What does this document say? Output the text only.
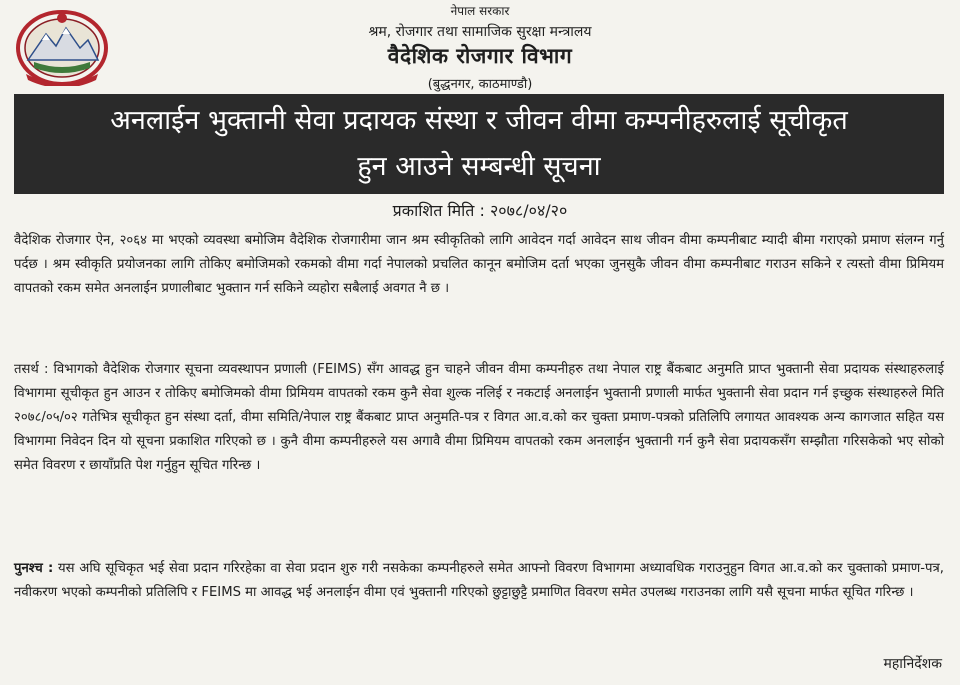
नेपाल सरकार
श्रम, रोजगार तथा सामाजिक सुरक्षा मन्त्रालय
वैदेशिक रोजगार विभाग
(बुद्धनगर, काठमाण्डौ)
अनलाईन भुक्तानी सेवा प्रदायक संस्था र जीवन वीमा कम्पनीहरुलाई सूचीकृत
हुन आउने सम्बन्धी सूचना
प्रकाशित मिति : २०७८/०४/२०
वैदेशिक रोजगार ऐन, २०६४ मा भएको व्यवस्था बमोजिम वैदेशिक रोजगारीमा जान श्रम स्वीकृतिको लागि आवेदन गर्दा आवेदन साथ जीवन वीमा कम्पनीबाट म्यादी बीमा गराएको प्रमाण संलग्न गर्नु पर्दछ । श्रम स्वीकृति प्रयोजनका लागि तोकिए बमोजिमको रकमको वीमा गर्दा नेपालको प्रचलित कानून बमोजिम दर्ता भएका जुनसुकै जीवन वीमा कम्पनीबाट गराउन सकिने र त्यस्तो वीमा प्रिमियम वापतको रकम समेत अनलाईन प्रणालीबाट भुक्तान गर्न सकिने व्यहोरा सबैलाई अवगत नै छ ।
तसर्थ : विभागको वैदेशिक रोजगार सूचना व्यवस्थापन प्रणाली (FEIMS) सँग आवद्ध हुन चाहने जीवन वीमा कम्पनीहरु तथा नेपाल राष्ट्र बैंकबाट अनुमति प्राप्त भुक्तानी सेवा प्रदायक संस्थाहरुलाई विभागमा सूचीकृत हुन आउन र तोकिए बमोजिमको वीमा प्रिमियम वापतको रकम कुनै सेवा शुल्क नलिई र नकटाई अनलाईन भुक्तानी प्रणाली मार्फत भुक्तानी सेवा प्रदान गर्न इच्छुक संस्थाहरुले मिति २०७८/०५/०२ गतेभित्र सूचीकृत हुन संस्था दर्ता, वीमा समिति/नेपाल राष्ट्र बैंकबाट प्राप्त अनुमति-पत्र र विगत आ.व.को कर चुक्ता प्रमाण-पत्रको प्रतिलिपि लगायत आवश्यक अन्य कागजात सहित यस विभागमा निवेदन दिन यो सूचना प्रकाशित गरिएको छ । कुनै वीमा कम्पनीहरुले यस अगावै वीमा प्रिमियम वापतको रकम अनलाईन भुक्तानी गर्न कुनै सेवा प्रदायकसँग सम्झौता गरिसकेको भए सोको समेत विवरण र छायाँप्रति पेश गर्नुहुन सूचित गरिन्छ ।
पुनश्च : यस अघि सूचिकृत भई सेवा प्रदान गरिरहेका वा सेवा प्रदान शुरु गरी नसकेका कम्पनीहरुले समेत आफ्नो विवरण विभागमा अध्यावधिक गराउनुहुन विगत आ.व.को कर चुक्ताको प्रमाण-पत्र, नवीकरण भएको कम्पनीको प्रतिलिपि र FEIMS मा आवद्ध भई अनलाईन वीमा एवं भुक्तानी गरिएको छुट्टाछुट्टै प्रमाणित विवरण समेत उपलब्ध गराउनका लागि यसै सूचना मार्फत सूचित गरिन्छ ।
महानिर्देशक
